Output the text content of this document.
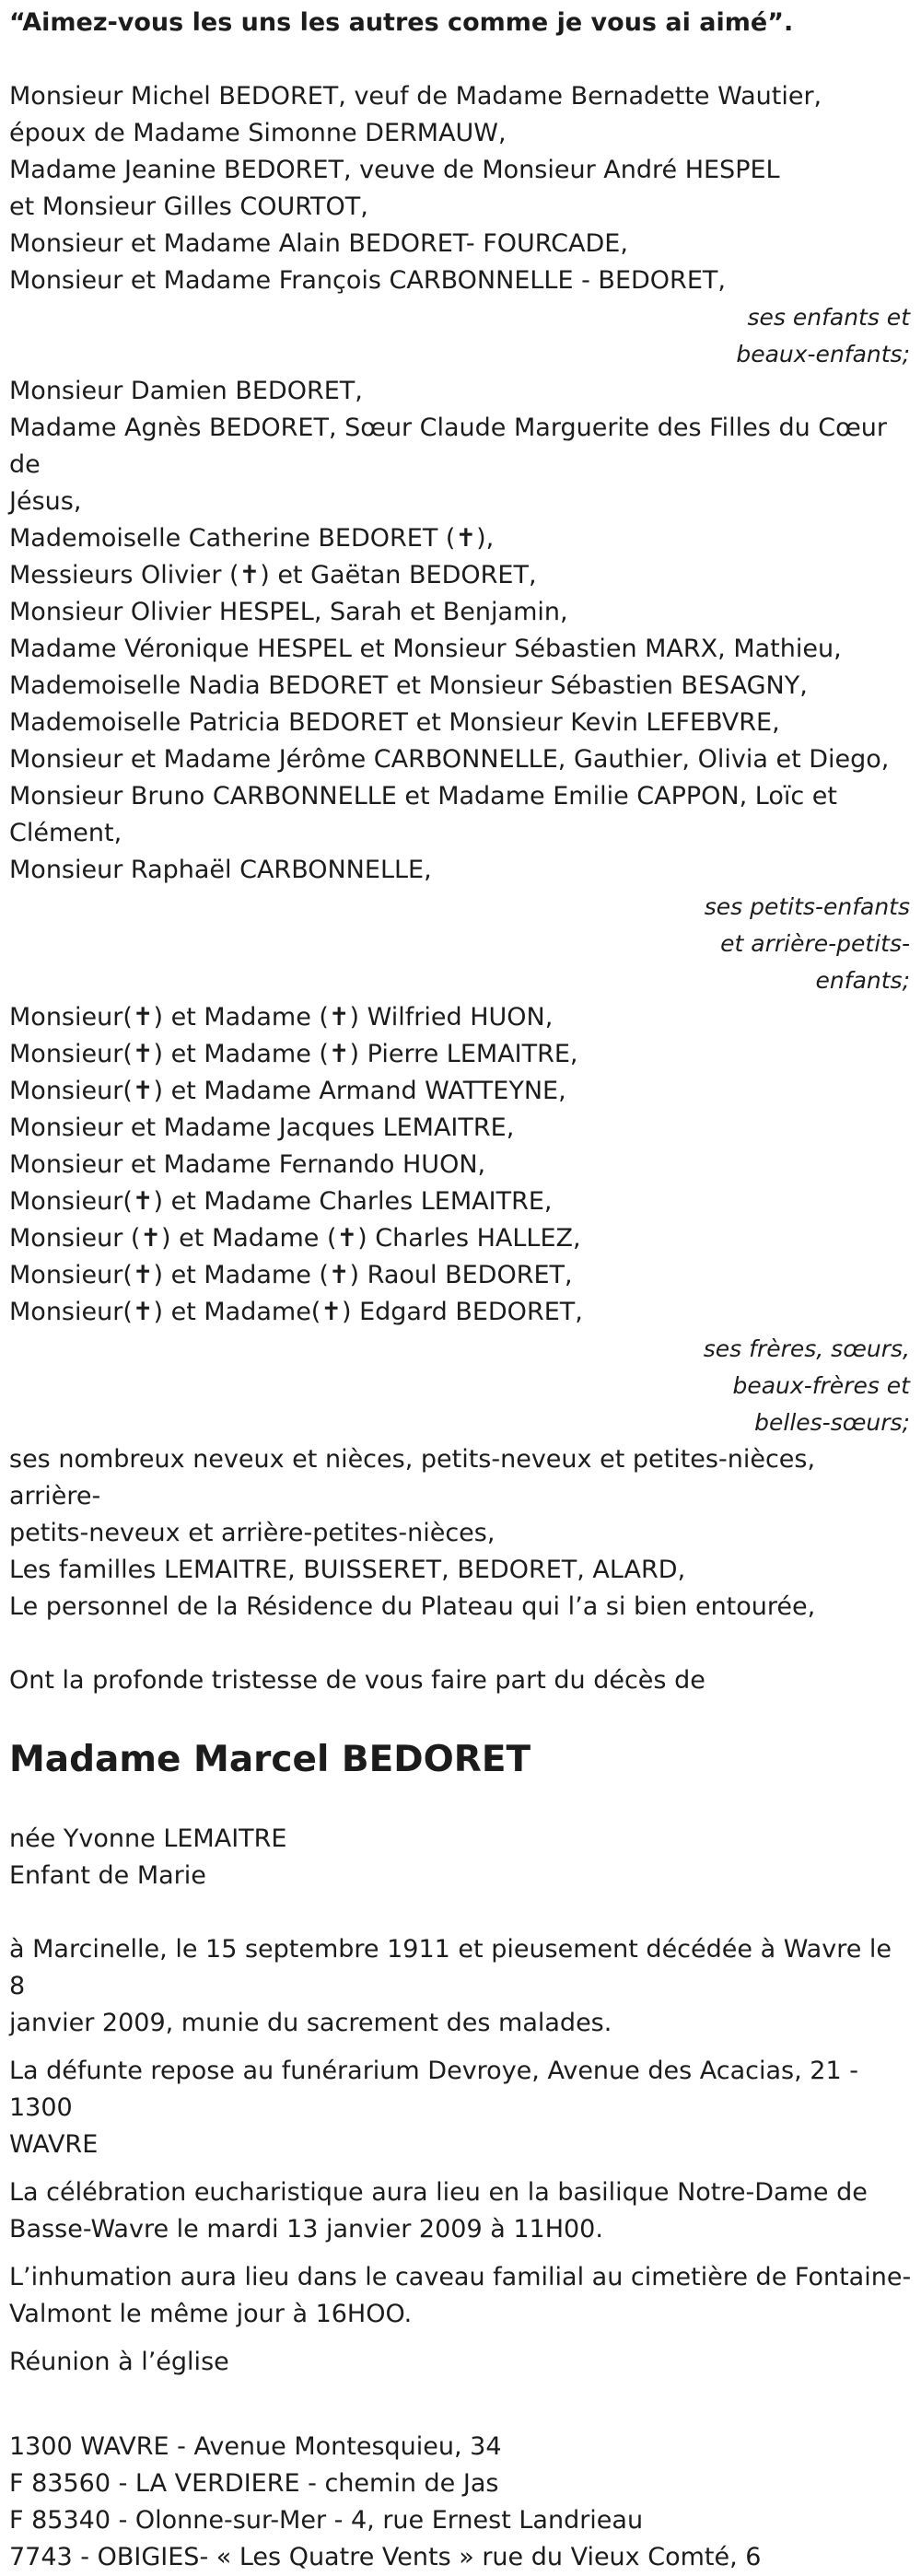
“Aimez-vous les uns les autres comme je vous ai aimé”.

Monsieur Michel BEDORET, veuf de Madame Bernadette Wautier,
époux de Madame Simonne DERMAUW,
Madame Jeanine BEDORET, veuve de Monsieur André HESPEL
et Monsieur Gilles COURTOT,
Monsieur et Madame Alain BEDORET- FOURCADE,
Monsieur et Madame François CARBONNELLE - BEDORET,
ses enfants et
beaux-enfants;
Monsieur Damien BEDORET,
Madame Agnès BEDORET, Sœur Claude Marguerite des Filles du Cœur de
Jésus,
Mademoiselle Catherine BEDORET (✝),
Messieurs Olivier (✝) et Gaëtan BEDORET,
Monsieur Olivier HESPEL, Sarah et Benjamin,
Madame Véronique HESPEL et Monsieur Sébastien MARX, Mathieu,
Mademoiselle Nadia BEDORET et Monsieur Sébastien BESAGNY,
Mademoiselle Patricia BEDORET et Monsieur Kevin LEFEBVRE,
Monsieur et Madame Jérôme CARBONNELLE, Gauthier, Olivia et Diego,
Monsieur Bruno CARBONNELLE et Madame Emilie CAPPON, Loïc et
Clément,
Monsieur Raphaël CARBONNELLE,
ses petits-enfants
et arrière-petits-
enfants;
Monsieur(✝) et Madame (✝) Wilfried HUON,
Monsieur(✝) et Madame (✝) Pierre LEMAITRE,
Monsieur(✝) et Madame Armand WATTEYNE,
Monsieur et Madame Jacques LEMAITRE,
Monsieur et Madame Fernando HUON,
Monsieur(✝) et Madame Charles LEMAITRE,
Monsieur (✝) et Madame (✝) Charles HALLEZ,
Monsieur(✝) et Madame (✝) Raoul BEDORET,
Monsieur(✝) et Madame(✝) Edgard BEDORET,
ses frères, sœurs,
beaux-frères et
belles-sœurs;
ses nombreux neveux et nièces, petits-neveux et petites-nièces, arrière-
petits-neveux et arrière-petites-nièces,
Les familles LEMAITRE, BUISSERET, BEDORET, ALARD,
Le personnel de la Résidence du Plateau qui l’a si bien entourée,

Ont la profonde tristesse de vous faire part du décès de

Madame Marcel BEDORET
née Yvonne LEMAITRE
Enfant de Marie

à Marcinelle, le 15 septembre 1911 et pieusement décédée à Wavre le 8
janvier 2009, munie du sacrement des malades.

La défunte repose au funérarium Devroye, Avenue des Acacias, 21 - 1300
WAVRE

La célébration eucharistique aura lieu en la basilique Notre-Dame de
Basse-Wavre le mardi 13 janvier 2009 à 11H00.

L’inhumation aura lieu dans le caveau familial au cimetière de Fontaine-
Valmont le même jour à 16HOO.

Réunion à l’église

1300 WAVRE - Avenue Montesquieu, 34
F 83560 - LA VERDIERE - chemin de Jas
F 85340 - Olonne-sur-Mer - 4, rue Ernest Landrieau
7743 - OBIGIES- « Les Quatre Vents » rue du Vieux Comté, 6
